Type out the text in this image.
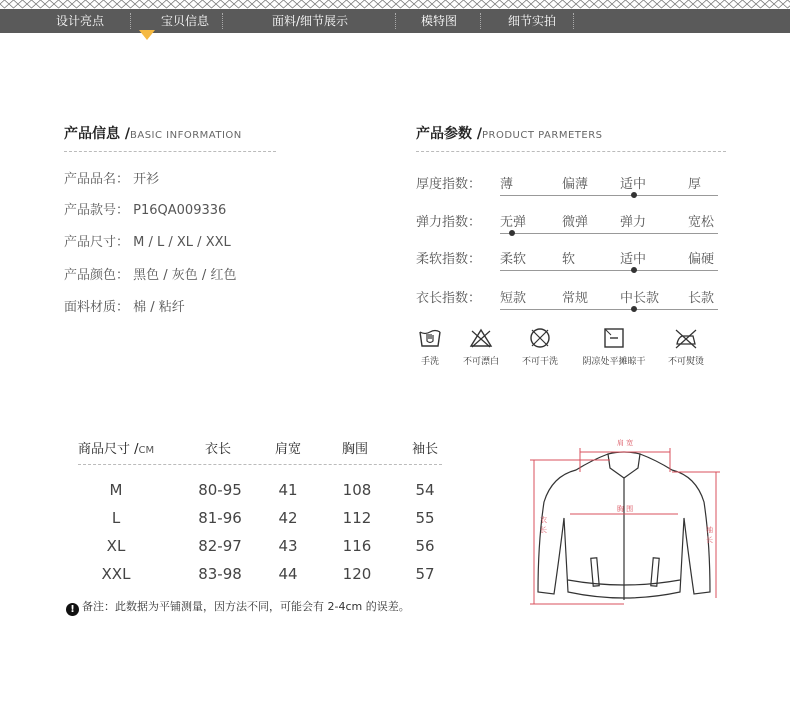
设计亮点	宝贝信息	面料/细节展示	模特图	细节实拍
产品信息 /BASIC INFORMATION
产品品名： 开衫
产品款号： P16QA009336
产品尺寸： M / L / XL / XXL
产品颜色： 黑色 / 灰色 / 红色
面料材质： 棉 / 粘纤
产品参数 /PRODUCT PARMETERS
厚度指数： 薄	偏薄 适中	厚
弹力指数： 无弹	微弹 弹力	宽松
柔软指数： 柔软	软	适中	偏硬
衣长指数： 短款	常规 中长款 长款
手洗	不可漂白	不可干洗	阴凉处平摊晾干	不可熨烫
商品尺寸 /CM	衣长	肩宽	胸围	袖长
M	80-95	41	108	54
L	81-96	42	112	55
XL	82-97	43	116	56
XXL	83-98	44	120	57
! 备注：此数据为平铺测量，因方法不同，可能会有 2-4cm 的误差。
肩 宽
胸 围
衣长	袖长
